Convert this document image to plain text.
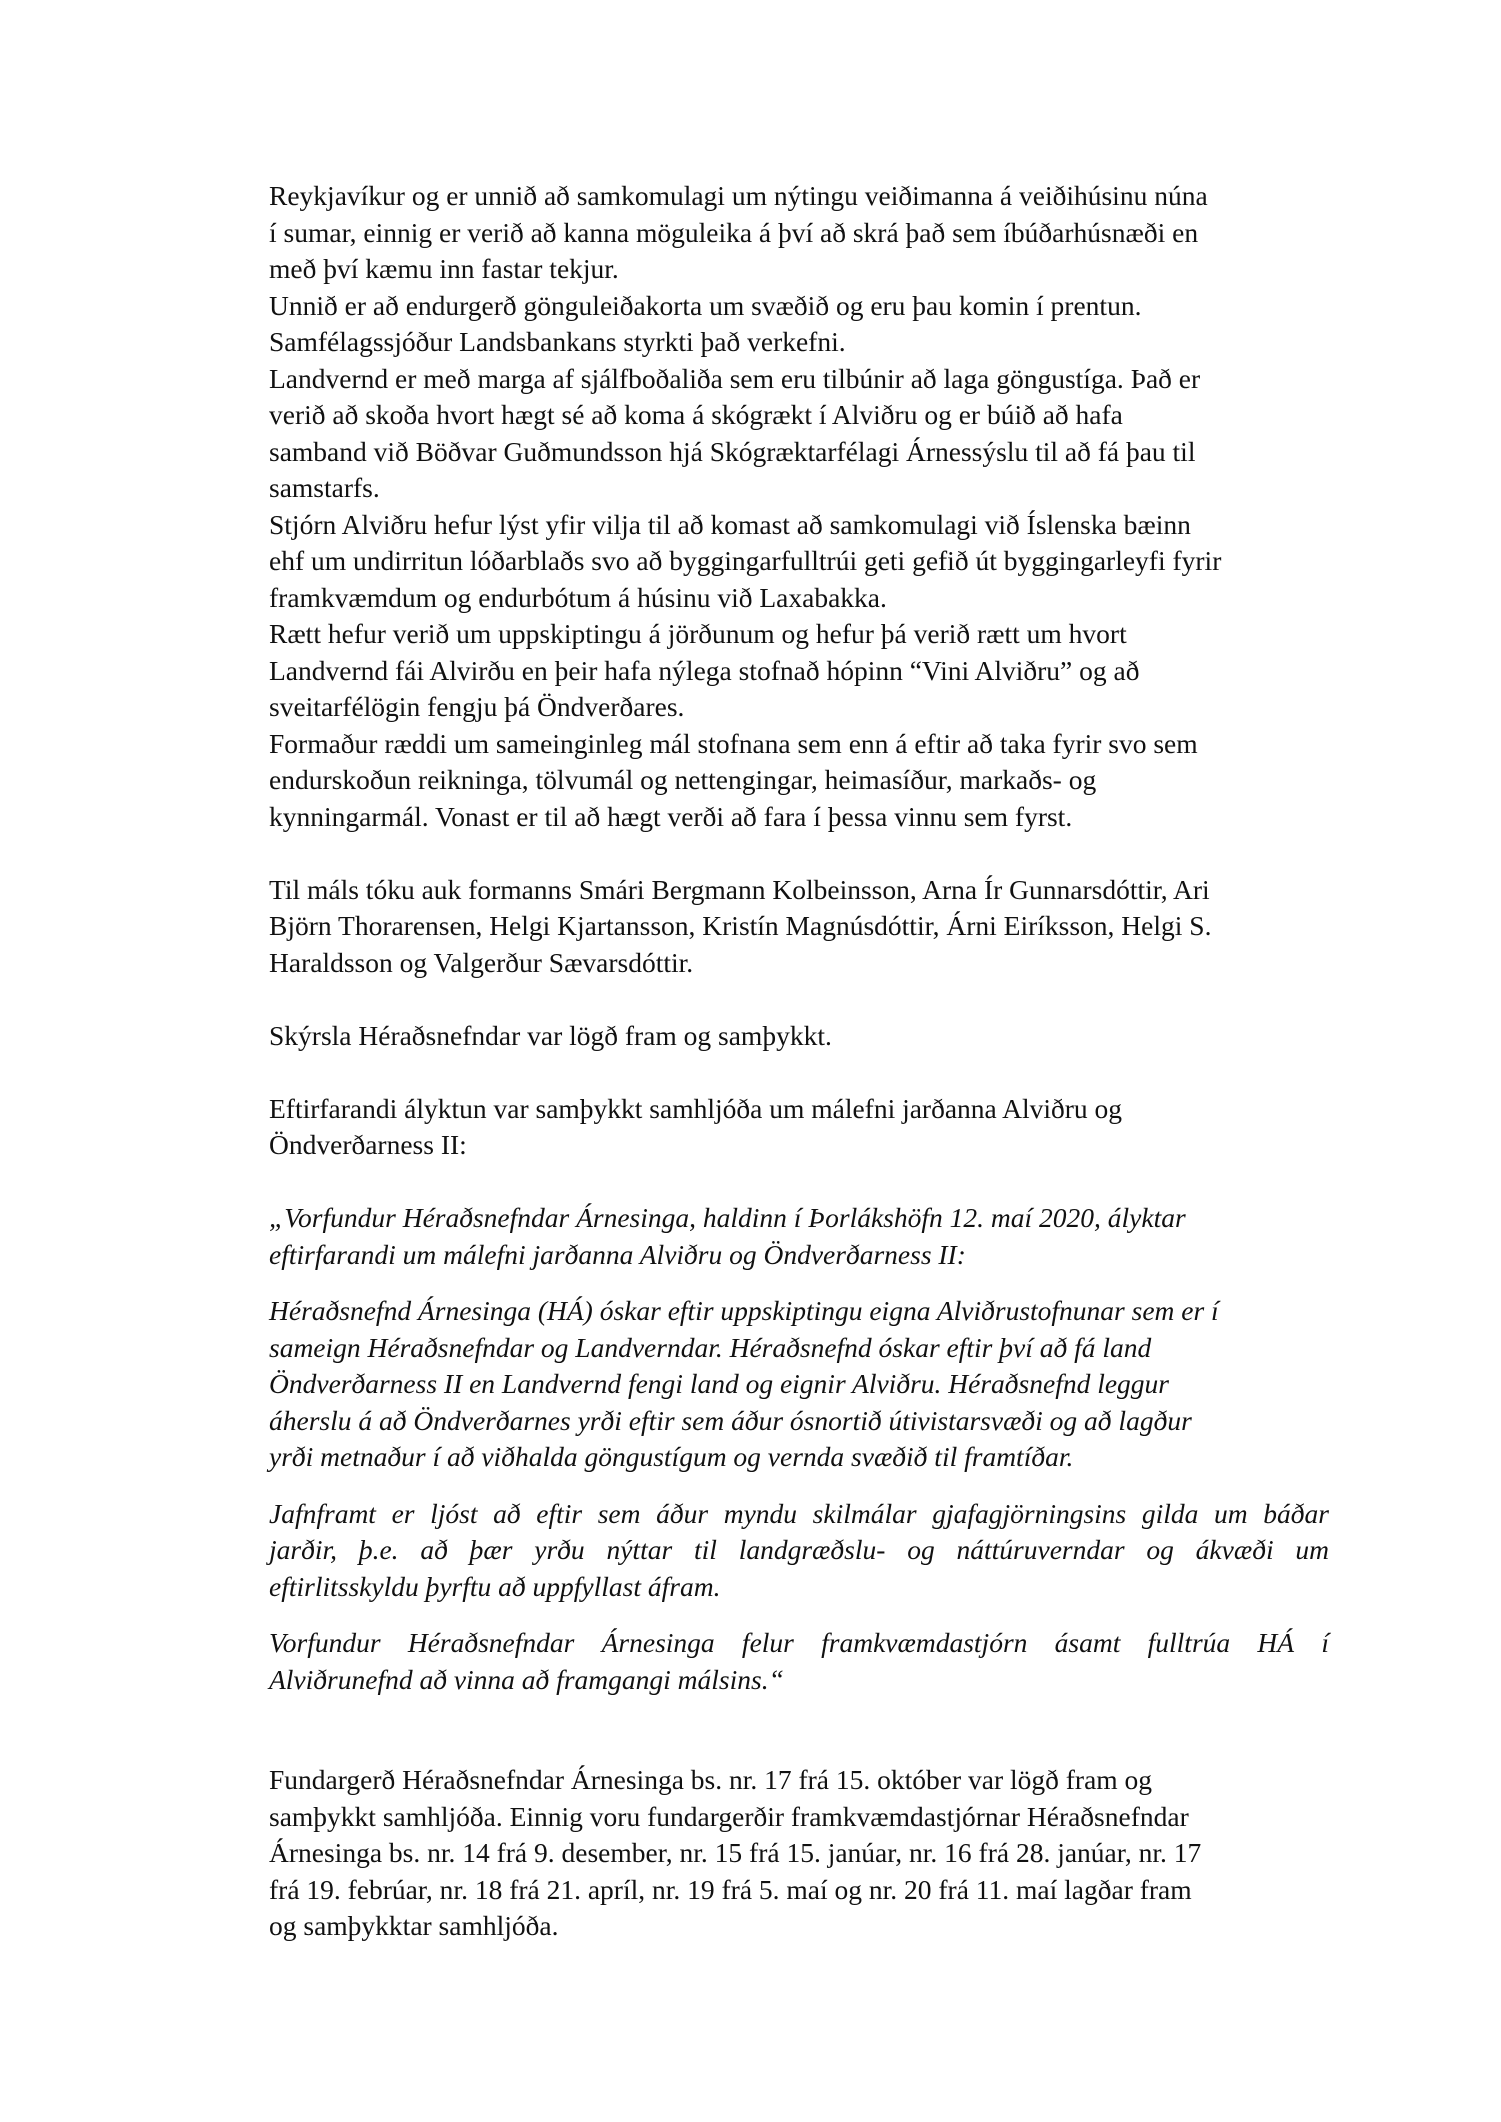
Reykjavíkur og er unnið að samkomulagi um nýtingu veiðimanna á veiðihúsinu núna
í sumar, einnig er verið að kanna möguleika á því að skrá það sem íbúðarhúsnæði en
með því kæmu inn fastar tekjur.
Unnið er að endurgerð gönguleiðakorta um svæðið og eru þau komin í prentun.
Samfélagssjóður Landsbankans styrkti það verkefni.
Landvernd er með marga af sjálfboðaliða sem eru tilbúnir að laga göngustíga. Það er
verið að skoða hvort hægt sé að koma á skógrækt í Alviðru og er búið að hafa
samband við Böðvar Guðmundsson hjá Skógræktarfélagi Árnessýslu til að fá þau til
samstarfs.
Stjórn Alviðru hefur lýst yfir vilja til að komast að samkomulagi við Íslenska bæinn
ehf um undirritun lóðarblaðs svo að byggingarfulltrúi geti gefið út byggingarleyfi fyrir
framkvæmdum og endurbótum á húsinu við Laxabakka.
Rætt hefur verið um uppskiptingu á jörðunum og hefur þá verið rætt um hvort
Landvernd fái Alvirðu en þeir hafa nýlega stofnað hópinn “Vini Alviðru” og að
sveitarfélögin fengju þá Öndverðares.
Formaður ræddi um sameinginleg mál stofnana sem enn á eftir að taka fyrir svo sem
endurskoðun reikninga, tölvumál og nettengingar, heimasíður, markaðs- og
kynningarmál. Vonast er til að hægt verði að fara í þessa vinnu sem fyrst.
Til máls tóku auk formanns Smári Bergmann Kolbeinsson, Arna Ír Gunnarsdóttir, Ari
Björn Thorarensen, Helgi Kjartansson, Kristín Magnúsdóttir, Árni Eiríksson, Helgi S.
Haraldsson og Valgerður Sævarsdóttir.
Skýrsla Héraðsnefndar var lögð fram og samþykkt.
Eftirfarandi ályktun var samþykkt samhljóða um málefni jarðanna Alviðru og
Öndverðarness II:
„Vorfundur Héraðsnefndar Árnesinga, haldinn í Þorlákshöfn 12. maí 2020, ályktar
eftirfarandi um málefni jarðanna Alviðru og Öndverðarness II:
Héraðsnefnd Árnesinga (HÁ) óskar eftir uppskiptingu eigna Alviðrustofnunar sem er í
sameign Héraðsnefndar og Landverndar. Héraðsnefnd óskar eftir því að fá land
Öndverðarness II en Landvernd fengi land og eignir Alviðru. Héraðsnefnd leggur
áherslu á að Öndverðarnes yrði eftir sem áður ósnortið útivistarsvæði og að lagður
yrði metnaður í að viðhalda göngustígum og vernda svæðið til framtíðar.
Jafnframt er ljóst að eftir sem áður myndu skilmálar gjafagjörningsins gilda um báðar
jarðir, þ.e. að þær yrðu nýttar til landgræðslu- og náttúruverndar og ákvæði um
eftirlitsskyldu þyrftu að uppfyllast áfram.
Vorfundur Héraðsnefndar Árnesinga felur framkvæmdastjórn ásamt fulltrúa HÁ í
Alviðrunefnd að vinna að framgangi málsins.“
Fundargerð Héraðsnefndar Árnesinga bs. nr. 17 frá 15. október var lögð fram og
samþykkt samhljóða. Einnig voru fundargerðir framkvæmdastjórnar Héraðsnefndar
Árnesinga bs. nr. 14 frá 9. desember, nr. 15 frá 15. janúar, nr. 16 frá 28. janúar, nr. 17
frá 19. febrúar, nr. 18 frá 21. apríl, nr. 19 frá 5. maí og nr. 20 frá 11. maí lagðar fram
og samþykktar samhljóða.
